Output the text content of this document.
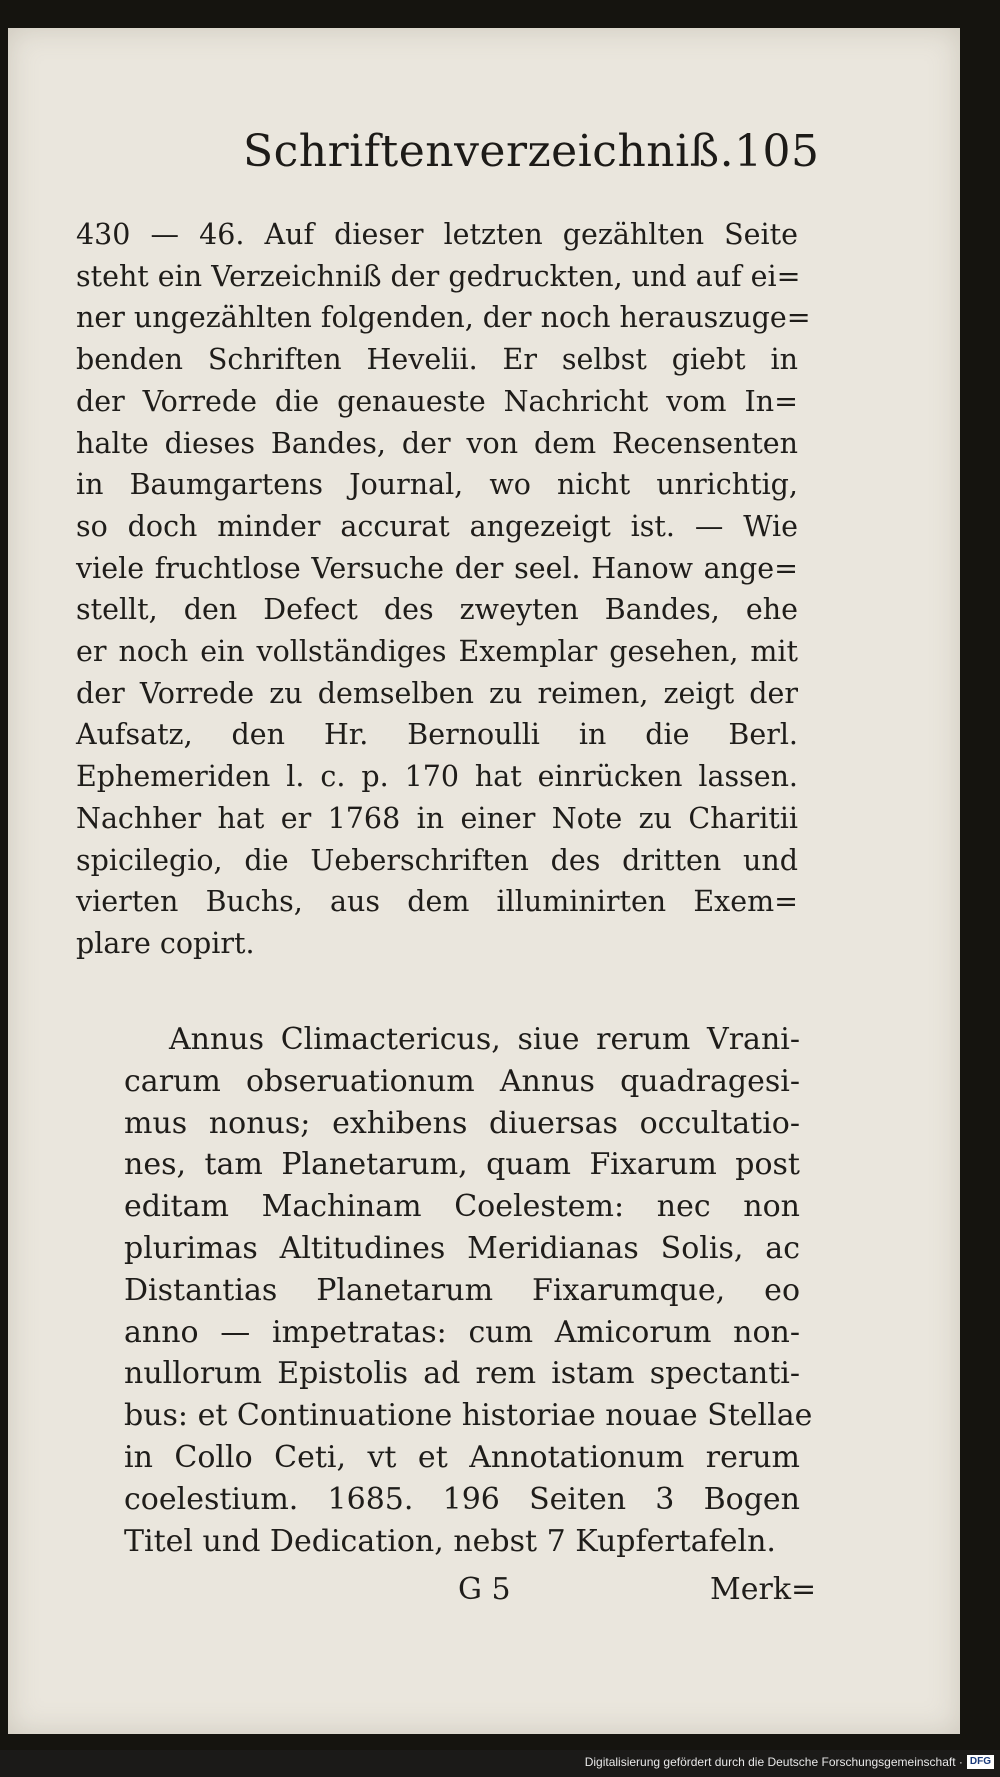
Schriftenverzeichniß. 105
430 — 46. Auf dieser letzten gezählten Seite
steht ein Verzeichniß der gedruckten, und auf ei=
ner ungezählten folgenden, der noch herauszuge=
benden Schriften Hevelii. Er selbst giebt in
der Vorrede die genaueste Nachricht vom In=
halte dieses Bandes, der von dem Recensenten
in Baumgartens Journal, wo nicht unrichtig,
so doch minder accurat angezeigt ist. — Wie
viele fruchtlose Versuche der seel. Hanow ange=
stellt, den Defect des zweyten Bandes, ehe
er noch ein vollständiges Exemplar gesehen, mit
der Vorrede zu demselben zu reimen, zeigt der
Aufsatz, den Hr. Bernoulli in die Berl.
Ephemeriden l. c. p. 170 hat einrücken lassen.
Nachher hat er 1768 in einer Note zu Charitii
spicilegio, die Ueberschriften des dritten und
vierten Buchs, aus dem illuminirten Exem=
plare copirt.
Annus Climactericus, siue rerum Vrani-
carum obseruationum Annus quadragesi-
mus nonus; exhibens diuersas occultatio-
nes, tam Planetarum, quam Fixarum post
editam Machinam Coelestem: nec non
plurimas Altitudines Meridianas Solis, ac
Distantias Planetarum Fixarumque, eo
anno — impetratas: cum Amicorum non-
nullorum Epistolis ad rem istam spectanti-
bus: et Continuatione historiae nouae Stellae
in Collo Ceti, vt et Annotationum rerum
coelestium. 1685. 196 Seiten 3 Bogen
Titel und Dedication, nebst 7 Kupfertafeln.
G 5	Merk=
Digitalisierung gefördert durch die Deutsche Forschungsgemeinschaft · DFG
